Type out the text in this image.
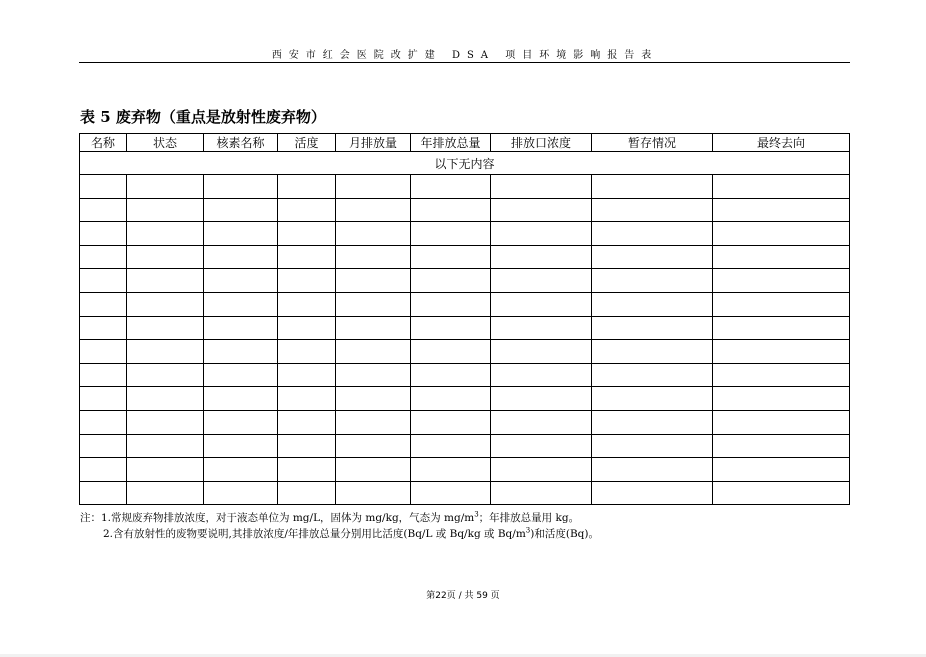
西安市红会医院改扩建 DSA 项目环境影响报告表
表 5 废弃物（重点是放射性废弃物）
名称	状态	核素名称	活度	月排放量	年排放总量	排放口浓度	暂存情况	最终去向
以下无内容								

注：1.常规废弃物排放浓度，对于液态单位为 mg/L，固体为 mg/kg，气态为 $mg/m^3$；年排放总量用 kg。
2.含有放射性的废物要说明,其排放浓度/年排放总量分别用比活度(Bq/L 或 Bq/kg 或 $Bq/m^3$)和活度(Bq)。
第22页 / 共 59 页
